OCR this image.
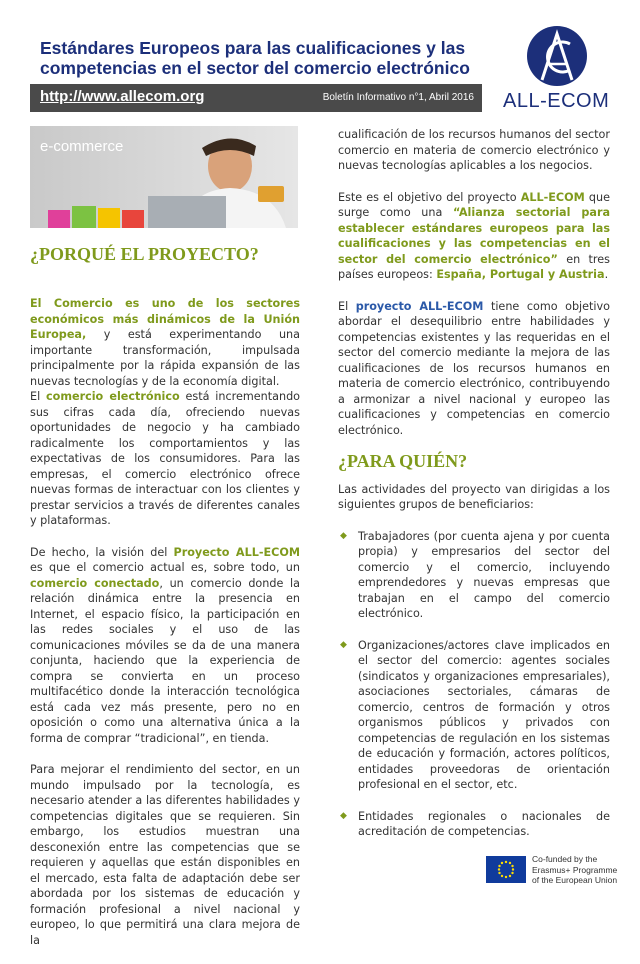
Estándares Europeos para las cualificaciones y las
competencias en el sector del comercio electrónico
http://www.allecom.org	Boletín Informativo n°1, Abril 2016 ALL-ECOM
e-commerce
¿PORQUÉ EL PROYECTO?

El Comercio es uno de los sectores económicos más dinámicos de la Unión Europea, y está experimentando una importante transformación, impulsada principalmente por la rápida expansión de las nuevas tecnologías y de la economía digital.
El comercio electrónico está incrementando sus cifras cada día, ofreciendo nuevas oportunidades de negocio y ha cambiado radicalmente los comportamientos y las expectativas de los consumidores. Para las empresas, el comercio electrónico ofrece nuevas formas de interactuar con los clientes y prestar servicios a través de diferentes canales y plataformas.

De hecho, la visión del Proyecto ALL-ECOM es que el comercio actual es, sobre todo, un comercio conectado, un comercio donde la relación dinámica entre la presencia en Internet, el espacio físico, la participación en las redes sociales y el uso de las comunicaciones móviles se da de una manera conjunta, haciendo que la experiencia de compra se convierta en un proceso multifacético donde la interacción tecnológica está cada vez más presente, pero no en oposición o como una alternativa única a la forma de comprar “tradicional”, en tienda.

Para mejorar el rendimiento del sector, en un mundo impulsado por la tecnología, es necesario atender a las diferentes habilidades y competencias digitales que se requieren. Sin embargo, los estudios muestran una desconexión entre las competencias que se requieren y aquellas que están disponibles en el mercado, esta falta de adaptación debe ser abordada por los sistemas de educación y formación profesional a nivel nacional y europeo, lo que permitirá una clara mejora de la

cualificación de los recursos humanos del sector comercio en materia de comercio electrónico y nuevas tecnologías aplicables a los negocios.

Este es el objetivo del proyecto ALL-ECOM que surge como una “Alianza sectorial para establecer estándares europeos para las cualificaciones y las competencias en el sector del comercio electrónico” en tres países europeos: España, Portugal y Austria.

El proyecto ALL-ECOM tiene como objetivo abordar el desequilibrio entre habilidades y competencias existentes y las requeridas en el sector del comercio mediante la mejora de las cualificaciones de los recursos humanos en materia de comercio electrónico, contribuyendo a armonizar a nivel nacional y europeo las cualificaciones y competencias en comercio electrónico.

¿PARA QUIÉN?

Las actividades del proyecto van dirigidas a los siguientes grupos de beneficiarios:

◆ Trabajadores (por cuenta ajena y por cuenta propia) y empresarios del sector del comercio y el comercio, incluyendo emprendedores y nuevas empresas que trabajan en el campo del comercio electrónico.
◆ Organizaciones/actores clave implicados en el sector del comercio: agentes sociales (sindicatos y organizaciones empresariales), asociaciones sectoriales, cámaras de comercio, centros de formación y otros organismos públicos y privados con competencias de regulación en los sistemas de educación y formación, actores políticos, entidades proveedoras de orientación profesional en el sector, etc.
◆ Entidades regionales o nacionales de acreditación de competencias.
Co-funded by the
Erasmus+ Programme
of the European Union
